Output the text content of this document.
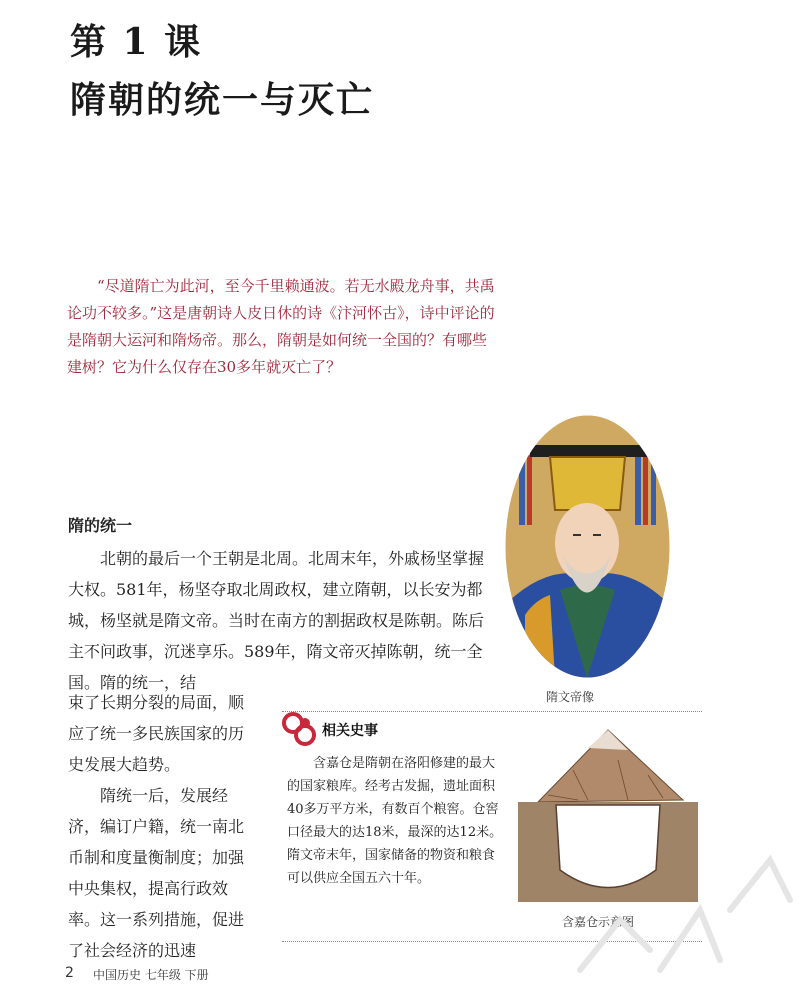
第 1 课
隋朝的统一与灭亡

“尽道隋亡为此河，至今千里赖通波。若无水殿龙舟事，共禹论功不较多。”这是唐朝诗人皮日休的诗《汴河怀古》，诗中评论的是隋朝大运河和隋炀帝。那么，隋朝是如何统一全国的？有哪些建树？它为什么仅存在30多年就灭亡了？

隋文帝像
隋的统一
北朝的最后一个王朝是北周。北周末年，外戚杨坚掌握大权。581年，杨坚夺取北周政权，建立隋朝，以长安为都城，杨坚就是隋文帝。当时在南方的割据政权是陈朝。陈后主不问政事，沉迷享乐。589年，隋文帝灭掉陈朝，统一全国。隋的统一，结

束了长期分裂的局面，顺应了统一多民族国家的历史发展大趋势。

隋统一后，发展经济，编订户籍，统一南北币制和度量衡制度；加强中央集权，提高行政效率。这一系列措施，促进了社会经济的迅速

相关史事
含嘉仓是隋朝在洛阳修建的最大的国家粮库。经考古发掘，遗址面积40多万平方米，有数百个粮窖。仓窖口径最大的达18米，最深的达12米。隋文帝末年，国家储备的物资和粮食可以供应全国五六十年。
含嘉仓示意图
2 中国历史 七年级 下册
